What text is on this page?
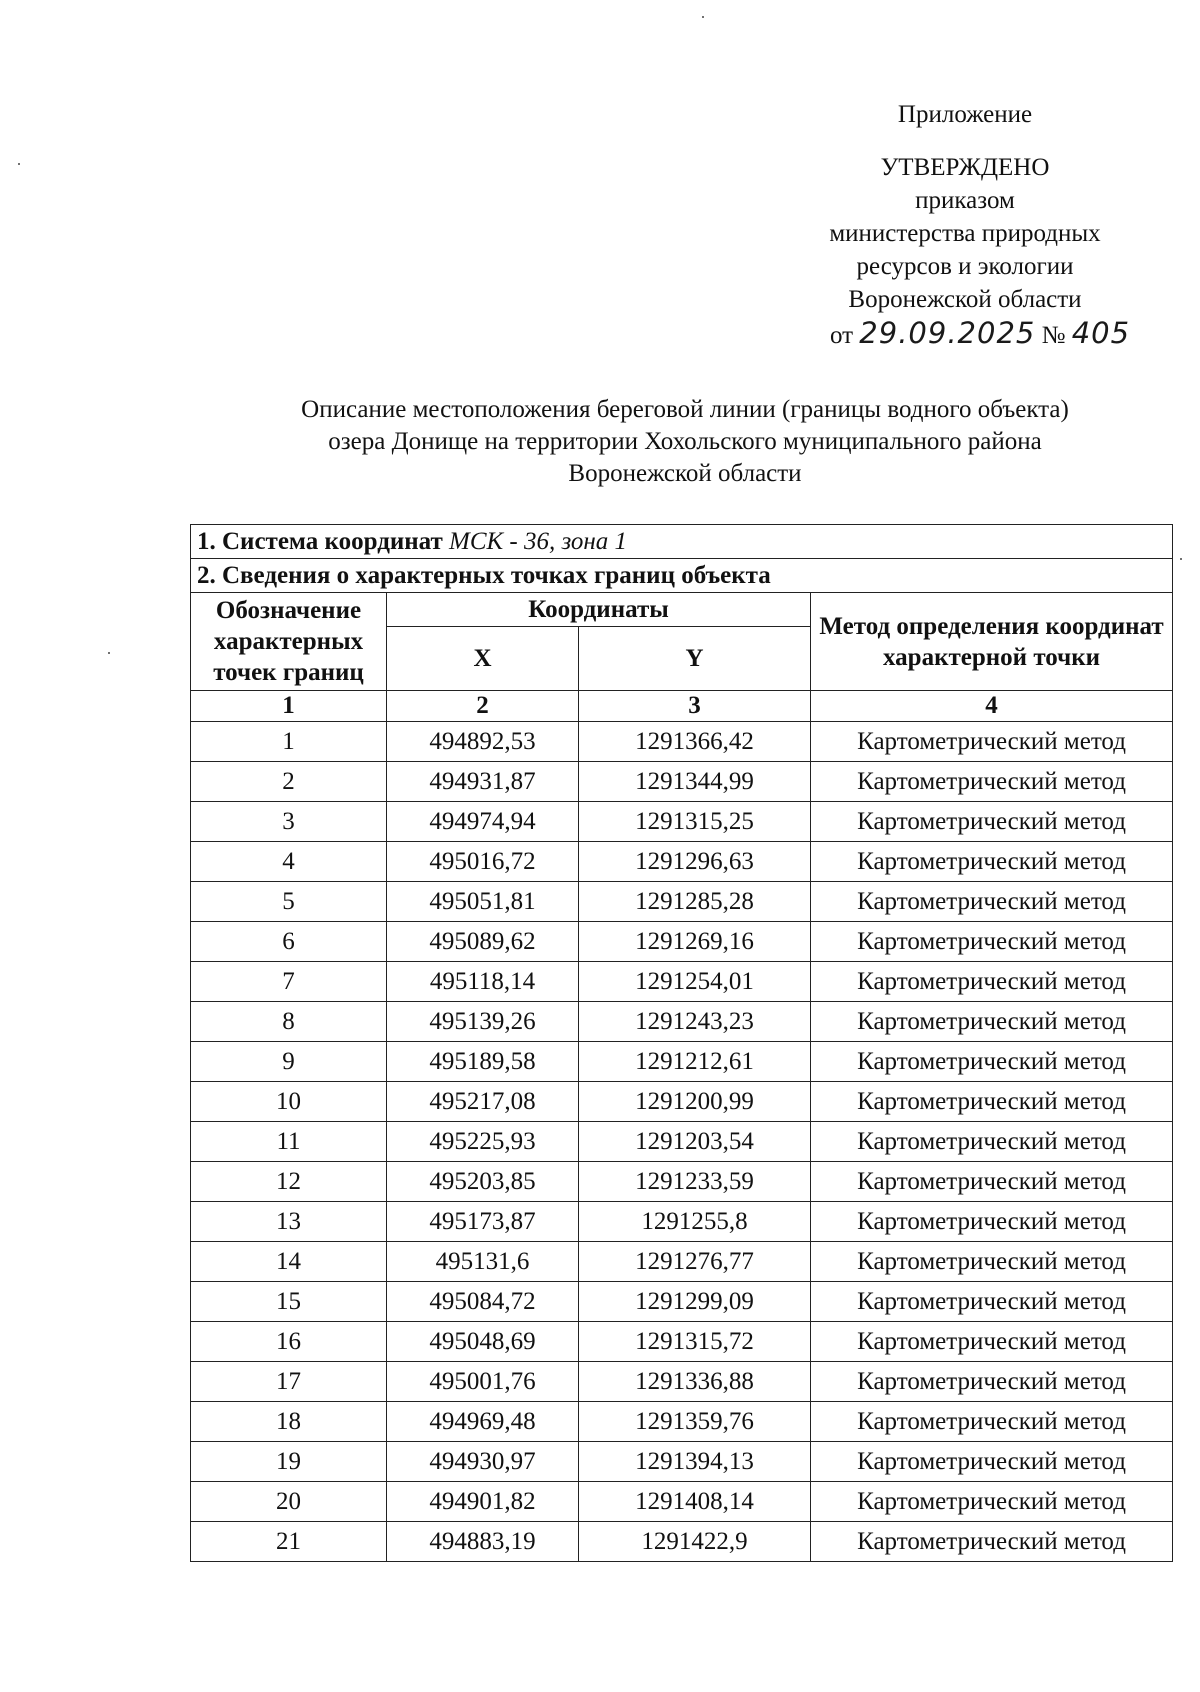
Приложение
УТВЕРЖДЕНО
приказом
министерства природных
ресурсов и экологии
Воронежской области
от 29.09.2025 № 405
Описание местоположения береговой линии (границы водного объекта)
озера Донище на территории Хохольского муниципального района
Воронежской области
1. Система координат МСК - 36, зона 1			
2. Сведения о характерных точках границ объекта			
Обозначение характерных точек границ	Координаты		Метод определения координат характерной точки
	X	Y	
1	2	3	4
1	494892,53	1291366,42	Картометрический метод
2	494931,87	1291344,99	Картометрический метод
3	494974,94	1291315,25	Картометрический метод
4	495016,72	1291296,63	Картометрический метод
5	495051,81	1291285,28	Картометрический метод
6	495089,62	1291269,16	Картометрический метод
7	495118,14	1291254,01	Картометрический метод
8	495139,26	1291243,23	Картометрический метод
9	495189,58	1291212,61	Картометрический метод
10	495217,08	1291200,99	Картометрический метод
11	495225,93	1291203,54	Картометрический метод
12	495203,85	1291233,59	Картометрический метод
13	495173,87	1291255,8	Картометрический метод
14	495131,6	1291276,77	Картометрический метод
15	495084,72	1291299,09	Картометрический метод
16	495048,69	1291315,72	Картометрический метод
17	495001,76	1291336,88	Картометрический метод
18	494969,48	1291359,76	Картометрический метод
19	494930,97	1291394,13	Картометрический метод
20	494901,82	1291408,14	Картометрический метод
21	494883,19	1291422,9	Картометрический метод
